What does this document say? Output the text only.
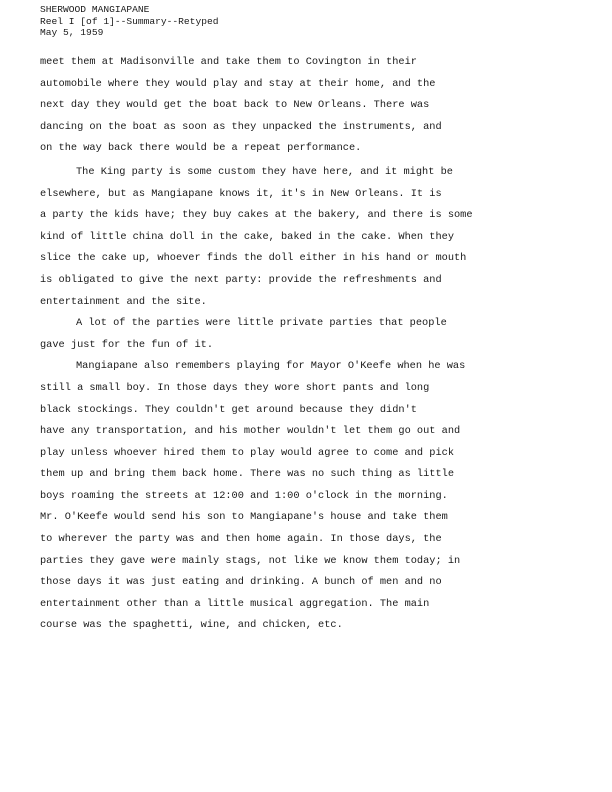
SHERWOOD MANGIAPANE
Reel I [of 1]--Summary--Retyped
May 5, 1959
meet them at Madisonville and take them to Covington in their
automobile where they would play and stay at their home, and the
next day they would get the boat back to New Orleans. There was
dancing on the boat as soon as they unpacked the instruments, and
on the way back there would be a repeat performance.
The King party is some custom they have here, and it might be
elsewhere, but as Mangiapane knows it, it's in New Orleans. It is
a party the kids have; they buy cakes at the bakery, and there is some
kind of little china doll in the cake, baked in the cake. When they
slice the cake up, whoever finds the doll either in his hand or mouth
is obligated to give the next party: provide the refreshments and
entertainment and the site.
A lot of the parties were little private parties that people
gave just for the fun of it.
Mangiapane also remembers playing for Mayor O'Keefe when he was
still a small boy. In those days they wore short pants and long
black stockings. They couldn't get around because they didn't
have any transportation, and his mother wouldn't let them go out and
play unless whoever hired them to play would agree to come and pick
them up and bring them back home. There was no such thing as little
boys roaming the streets at 12:00 and 1:00 o'clock in the morning.
Mr. O'Keefe would send his son to Mangiapane's house and take them
to wherever the party was and then home again. In those days, the
parties they gave were mainly stags, not like we know them today; in
those days it was just eating and drinking. A bunch of men and no
entertainment other than a little musical aggregation. The main
course was the spaghetti, wine, and chicken, etc.
